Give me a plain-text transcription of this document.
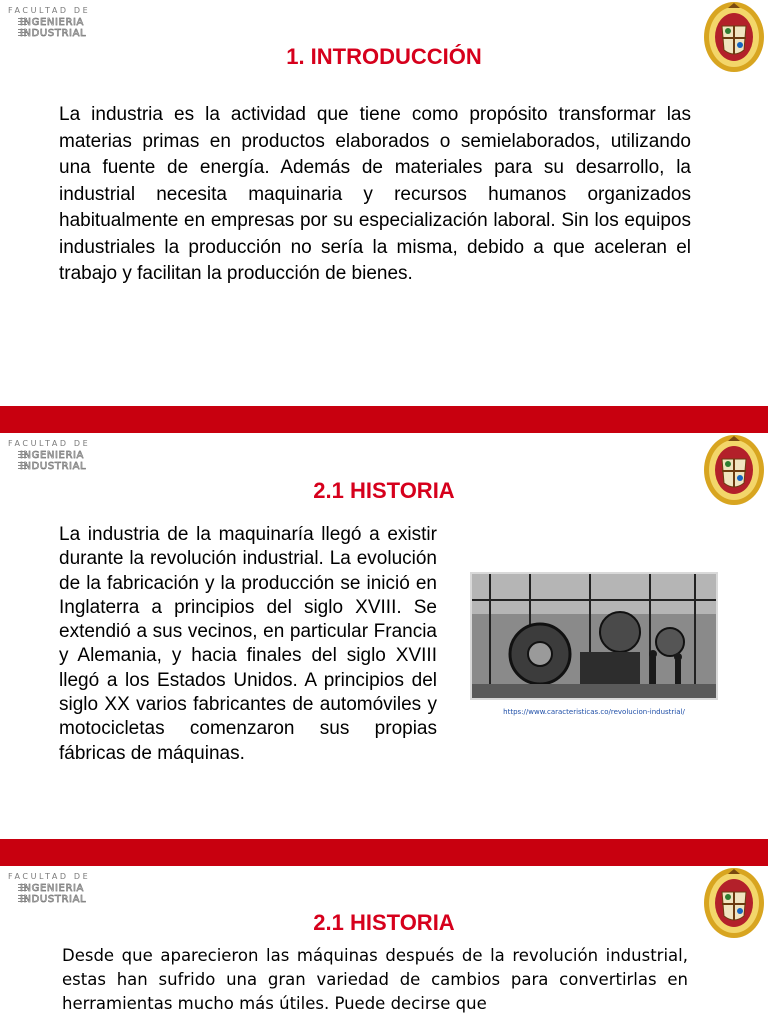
FACULTAD DE
INGENIERIA
INDUSTRIAL
1. INTRODUCCIÓN
La industria es la actividad que tiene como propósito transformar las materias primas en productos elaborados o semielaborados, utilizando una fuente de energía. Además de materiales para su desarrollo, la industrial necesita maquinaria y recursos humanos organizados habitualmente en empresas por su especialización laboral. Sin los equipos industriales la producción no sería la misma, debido a que aceleran el trabajo y facilitan la producción de bienes.
FACULTAD DE
INGENIERIA
INDUSTRIAL
2.1 HISTORIA
La industria de la maquinaría llegó a existir durante la revolución industrial. La evolución de la fabricación y la producción se inició en Inglaterra a principios del siglo XVIII. Se extendió a sus vecinos, en particular Francia y Alemania, y hacia finales del siglo XVIII llegó a los Estados Unidos. A principios del siglo XX varios fabricantes de automóviles y motocicletas comenzaron sus propias fábricas de máquinas.
https://www.caracteristicas.co/revolucion-industrial/
FACULTAD DE
INGENIERIA
INDUSTRIAL
2.1 HISTORIA
Desde que aparecieron las máquinas después de la revolución industrial, estas han sufrido una gran variedad de cambios para convertirlas en herramientas mucho más útiles. Puede decirse que
